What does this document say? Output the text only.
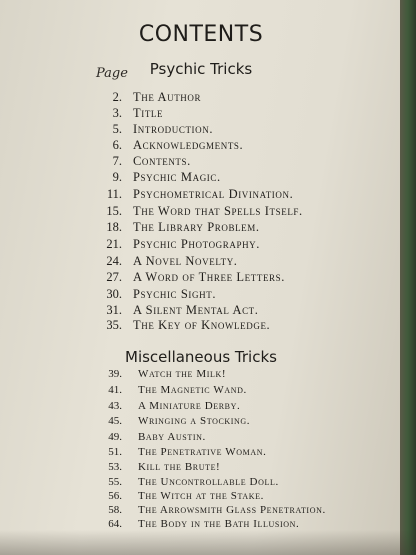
CONTENTS
Psychic Tricks
Page
2. The Author
3. Title
5. Introduction.
6. Acknowledgments.
7. Contents.
9. Psychic Magic.
11. Psychometrical Divination.
15. The Word that Spells Itself.
18. The Library Problem.
21. Psychic Photography.
24. A Novel Novelty.
27. A Word of Three Letters.
30. Psychic Sight.
31. A Silent Mental Act.
35. The Key of Knowledge.
Miscellaneous Tricks
39. Watch the Milk!
41. The Magnetic Wand.
43. A Miniature Derby.
45. Wringing a Stocking.
49. Baby Austin.
51. The Penetrative Woman.
53. Kill the Brute!
55. The Uncontrollable Doll.
56. The Witch at the Stake.
58. The Arrowsmith Glass Penetration.
64. The Body in the Bath Illusion.
